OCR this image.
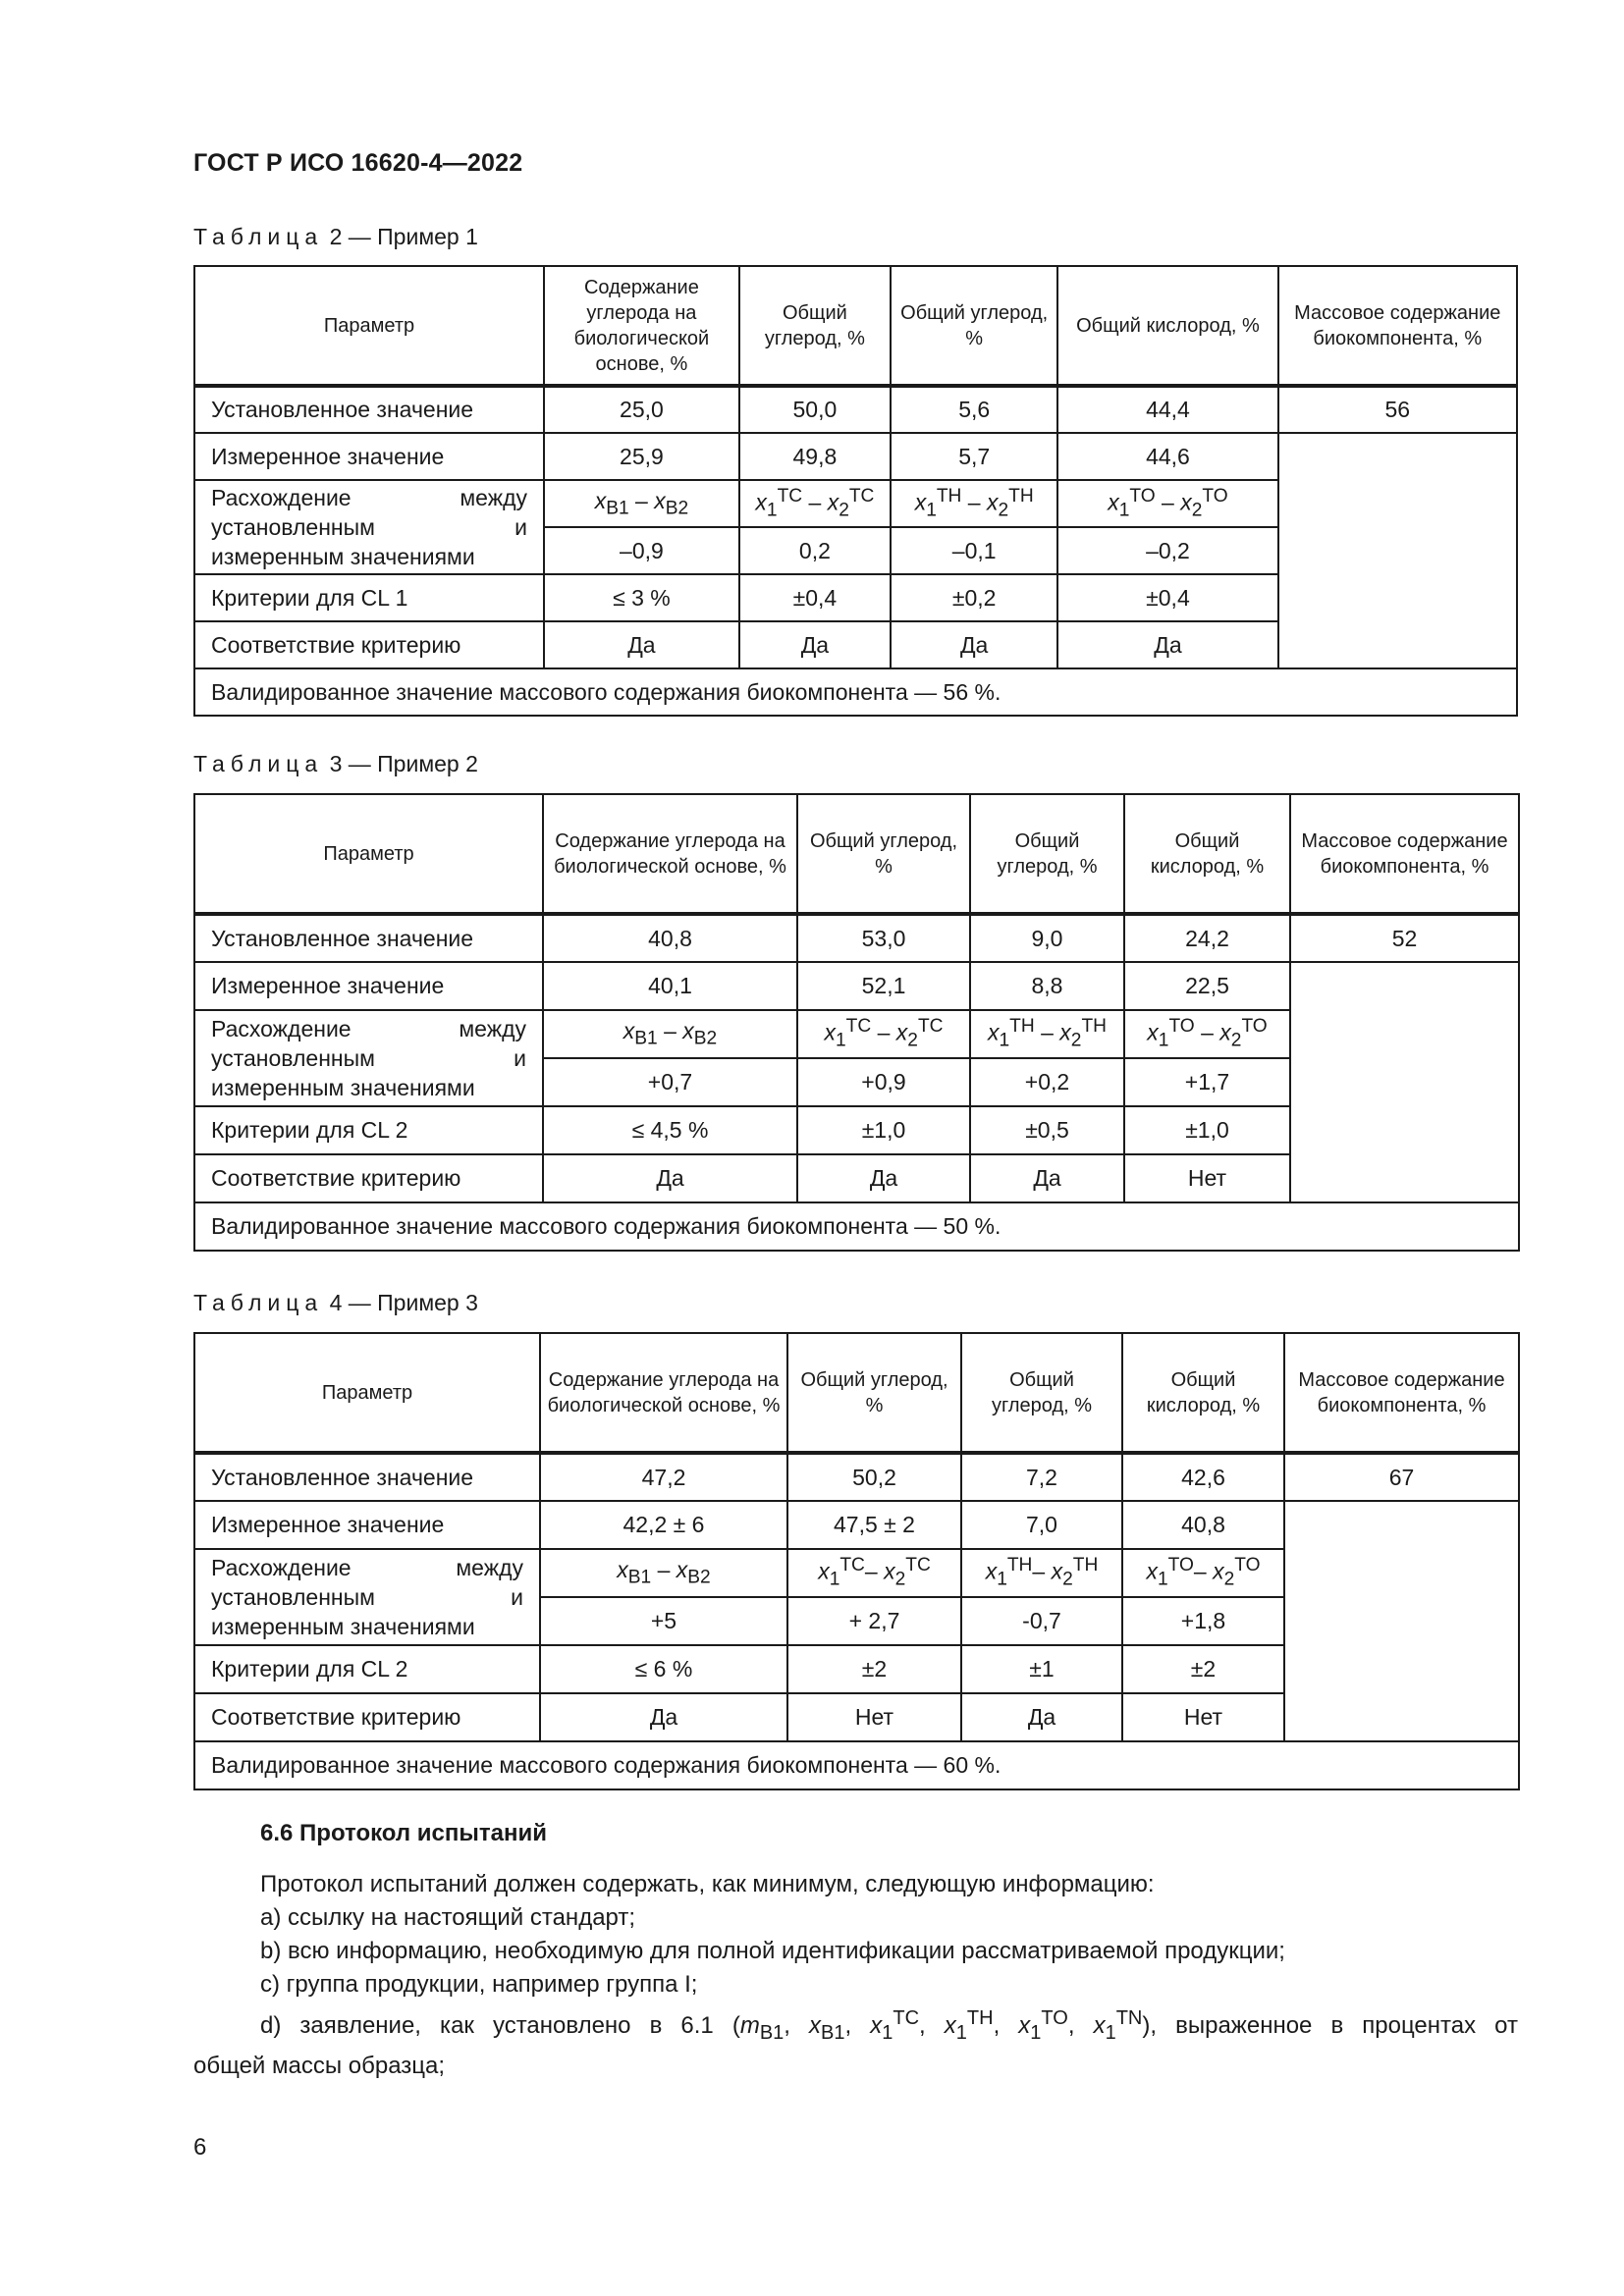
ГОСТ Р ИСО 16620-4—2022
Таблица 2 — Пример 1
Параметр	Содержание углерода на биологической основе, %	Общий углерод, %	Общий углерод, %	Общий кислород, %	Массовое содержание биокомпонента, %
Установленное значение	25,0	50,0	5,6	44,4	56
Измеренное значение	25,9	49,8	5,7	44,6	
Расхождение между установленным и измеренным значениями	$x_{B1} - x_{B2}$	$x_1^{TC} - x_2^{TC}$	$x_1^{TH} - x_2^{TH}$	$x_1^{TO} - x_2^{TO}$
	–0,9	0,2	–0,1	–0,2	
Критерии для CL 1	≤ 3 %	±0,4	±0,2	±0,4	
Соответствие критерию	Да	Да	Да	Да	
Валидированное значение массового содержания биокомпонента — 56 %.					
Таблица 3 — Пример 2
Параметр	Содержание углерода на биологической основе, %	Общий углерод, %	Общий углерод, %	Общий кислород, %	Массовое содержание биокомпонента, %
Установленное значение	40,8	53,0	9,0	24,2	52
Измеренное значение	40,1	52,1	8,8	22,5	
Расхождение между установленным и измеренным значениями	$x_{B1} - x_{B2}$	$x_1^{TC} - x_2^{TC}$	$x_1^{TH} - x_2^{TH}$	$x_1^{TO} - x_2^{TO}$
	+0,7	+0,9	+0,2	+1,7	
Критерии для CL 2	≤ 4,5 %	±1,0	±0,5	±1,0	
Соответствие критерию	Да	Да	Да	Нет	
Валидированное значение массового содержания биокомпонента — 50 %.					
Таблица 4 — Пример 3
Параметр	Содержание углерода на биологической основе, %	Общий углерод, %	Общий углерод, %	Общий кислород, %	Массовое содержание биокомпонента, %
Установленное значение	47,2	50,2	7,2	42,6	67
Измеренное значение	42,2 ± 6	47,5 ± 2	7,0	40,8	
Расхождение между установленным и измеренным значениями	$x_{B1} - x_{B2}$	$x_1^{TC}-$ $x_2^{TC}$	$x_1^{TH}-$ $x_2^{TH}$	$x_1^{TO}-$ $x_2^{TO}$
	+5	+ 2,7	-0,7	+1,8	
Критерии для CL 2	≤ 6 %	±2	±1	±2	
Соответствие критерию	Да	Нет	Да	Нет	
Валидированное значение массового содержания биокомпонента — 60 %.					
6.6 Протокол испытаний
Протокол испытаний должен содержать, как минимум, следующую информацию:
a) ссылку на настоящий стандарт;
b) всю информацию, необходимую для полной идентификации рассматриваемой продукции;
c) группа продукции, например группа I;
d) заявление, как установлено в 6.1 ($m_{B1}$, $x_{B1}$, $x_1^{TC}$, $x_1^{TH}$, $x_1^{TO}$, $x_1^{TN}$), выраженное в процентах от
общей массы образца;
6
